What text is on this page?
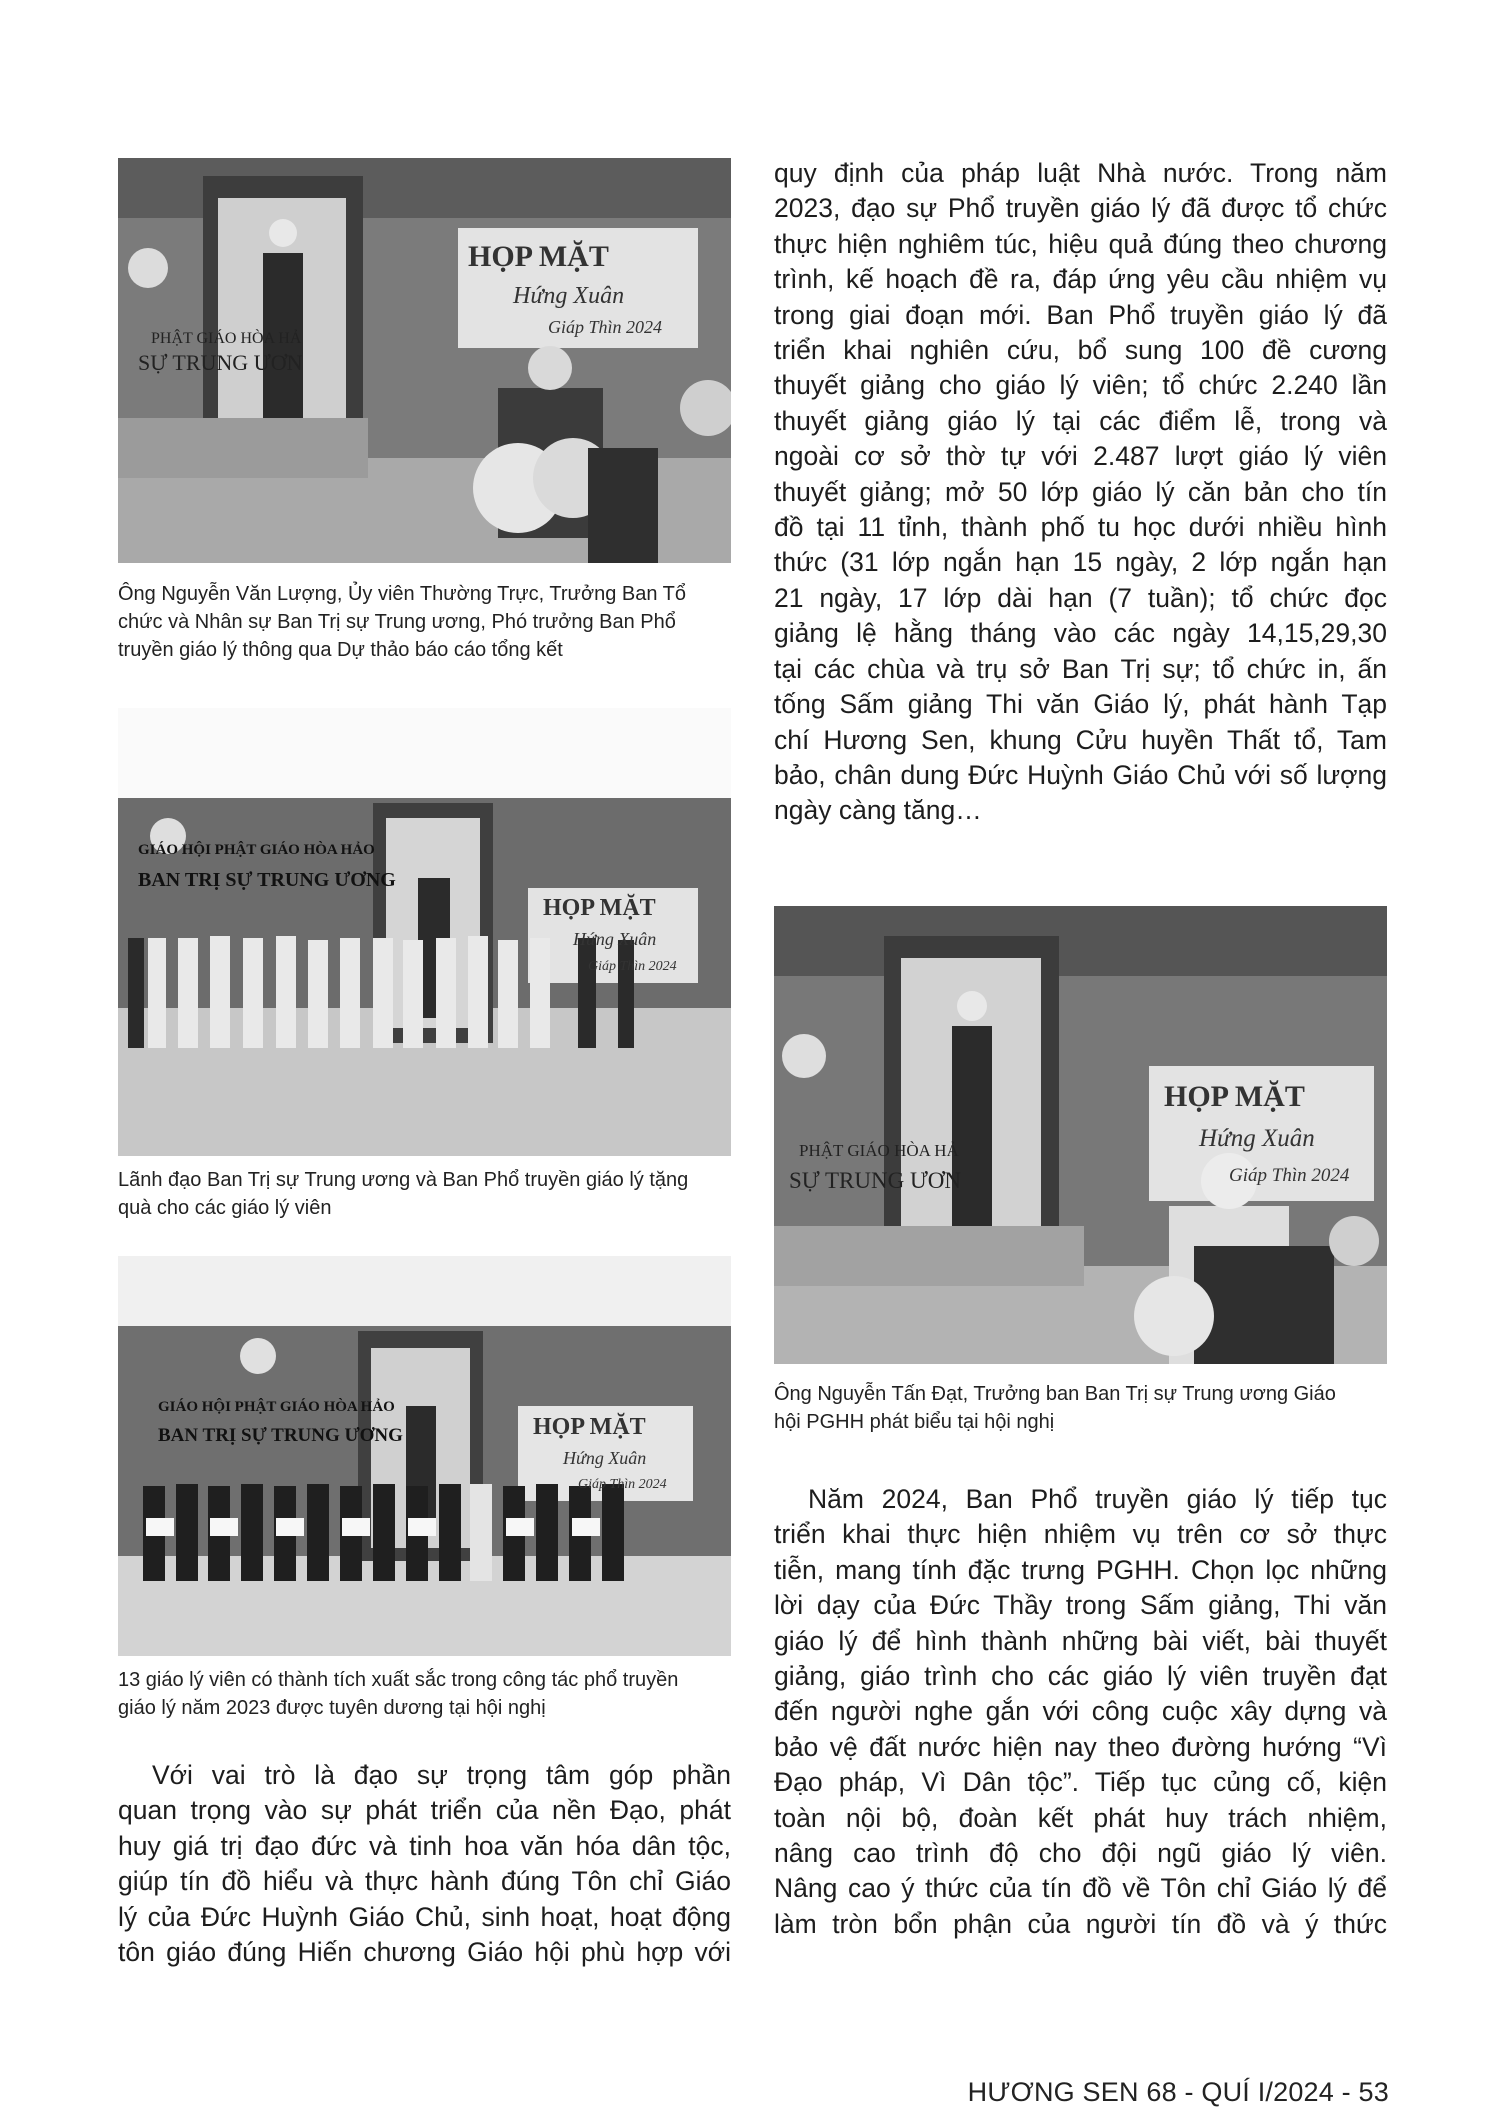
PHẬT GIÁO HÒA HẢ
SỰ TRUNG ƯƠN
HỌP MẶT
Hứng Xuân
Giáp Thìn 2024
Ông Nguyễn Văn Lượng, Ủy viên Thường Trực, Trưởng Ban Tổ
chức và Nhân sự Ban Trị sự Trung ương, Phó trưởng Ban Phổ
truyền giáo lý thông qua Dự thảo báo cáo tổng kết
GIÁO HỘI PHẬT GIÁO HÒA HẢO
BAN TRỊ SỰ TRUNG ƯƠNG
HỌP MẶT
Hứng Xuân
Giáp Thìn 2024
Lãnh đạo Ban Trị sự Trung ương và Ban Phổ truyền giáo lý tặng
quà cho các giáo lý viên
GIÁO HỘI PHẬT GIÁO HÒA HẢO
BAN TRỊ SỰ TRUNG ƯƠNG	HỌP MẶT
Hứng Xuân
Giáp Thìn 2024
13 giáo lý viên có thành tích xuất sắc trong công tác phổ truyền
giáo lý năm 2023 được tuyên dương tại hội nghị
Với vai trò là đạo sự trọng tâm góp phần
quan trọng vào sự phát triển của nền Đạo, phát
huy giá trị đạo đức và tinh hoa văn hóa dân tộc,
giúp tín đồ hiểu và thực hành đúng Tôn chỉ Giáo
lý của Đức Huỳnh Giáo Chủ, sinh hoạt, hoạt động
tôn giáo đúng Hiến chương Giáo hội phù hợp với
quy định của pháp luật Nhà nước. Trong năm
2023, đạo sự Phổ truyền giáo lý đã được tổ chức
thực hiện nghiêm túc, hiệu quả đúng theo chương
trình, kế hoạch đề ra, đáp ứng yêu cầu nhiệm vụ
trong giai đoạn mới. Ban Phổ truyền giáo lý đã
triển khai nghiên cứu, bổ sung 100 đề cương
thuyết giảng cho giáo lý viên; tổ chức 2.240 lần
thuyết giảng giáo lý tại các điểm lễ, trong và
ngoài cơ sở thờ tự với 2.487 lượt giáo lý viên
thuyết giảng; mở 50 lớp giáo lý căn bản cho tín
đồ tại 11 tỉnh, thành phố tu học dưới nhiều hình
thức (31 lớp ngắn hạn 15 ngày, 2 lớp ngắn hạn
21 ngày, 17 lớp dài hạn (7 tuần); tổ chức đọc
giảng lệ hằng tháng vào các ngày 14,15,29,30
tại các chùa và trụ sở Ban Trị sự; tổ chức in, ấn
tống Sấm giảng Thi văn Giáo lý, phát hành Tạp
chí Hương Sen, khung Cửu huyền Thất tổ, Tam
bảo, chân dung Đức Huỳnh Giáo Chủ với số lượng
ngày càng tăng…
PHẬT GIÁO HÒA HẢ
SỰ TRUNG ƯƠN
HỌP MẶT
Hứng Xuân
Giáp Thìn 2024
Ông Nguyễn Tấn Đạt, Trưởng ban Ban Trị sự Trung ương Giáo
hội PGHH phát biểu tại hội nghị
Năm 2024, Ban Phổ truyền giáo lý tiếp tục
triển khai thực hiện nhiệm vụ trên cơ sở thực
tiễn, mang tính đặc trưng PGHH. Chọn lọc những
lời dạy của Đức Thầy trong Sấm giảng, Thi văn
giáo lý để hình thành những bài viết, bài thuyết
giảng, giáo trình cho các giáo lý viên truyền đạt
đến người nghe gắn với công cuộc xây dựng và
bảo vệ đất nước hiện nay theo đường hướng “Vì
Đạo pháp, Vì Dân tộc”. Tiếp tục củng cố, kiện
toàn nội bộ, đoàn kết phát huy trách nhiệm,
nâng cao trình độ cho đội ngũ giáo lý viên.
Nâng cao ý thức của tín đồ về Tôn chỉ Giáo lý để
làm tròn bổn phận của người tín đồ và ý thức
HƯƠNG SEN 68 - QUÍ I/2024 - 53
